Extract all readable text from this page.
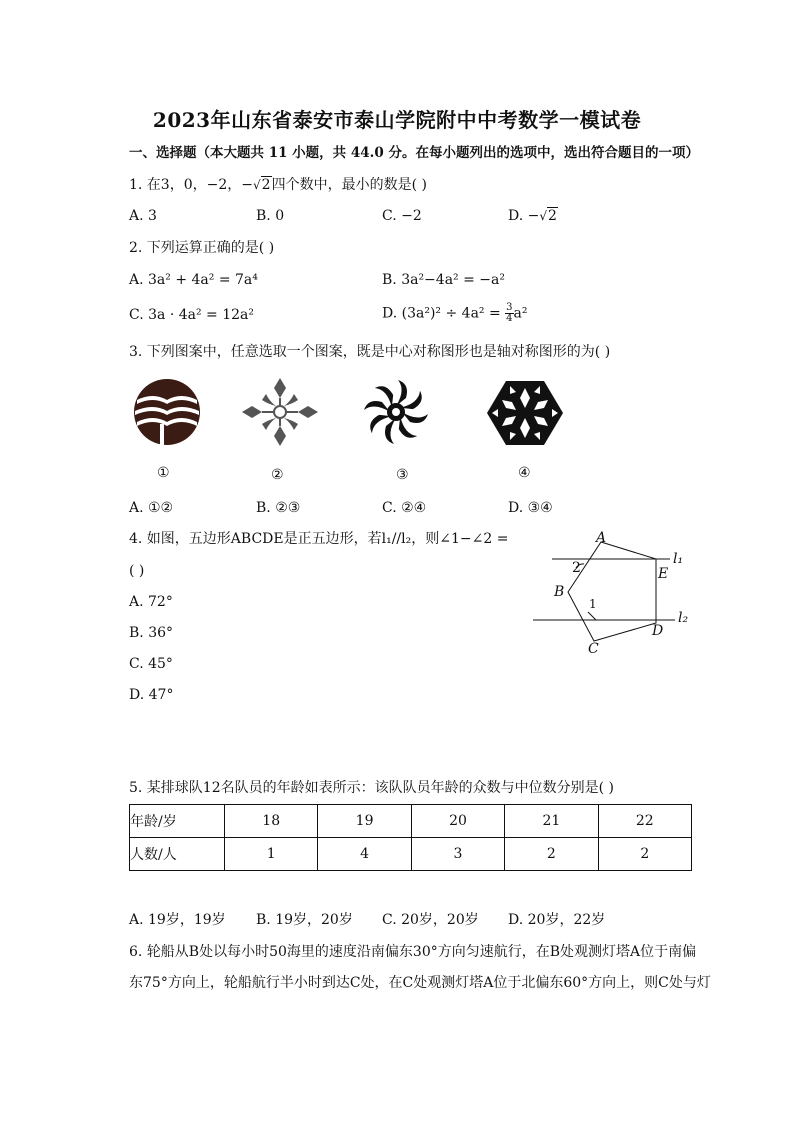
2023年山东省泰安市泰山学院附中中考数学一模试卷
一、选择题（本大题共 11 小题，共 44.0 分。在每小题列出的选项中，选出符合题目的一项）
1. 在3，0，−2，−√2四个数中，最小的数是( )
A. 3	B. 0	C. −2	D. −√2
2. 下列运算正确的是( )
A. 3a² + 4a² = 7a⁴	B. 3a²−4a² = −a²
C. 3a · 4a² = 12a²	D. $(3a^2)^2 \div 4a^2 = \frac{3}{4} a^2$
3. 下列图案中，任意选取一个图案，既是中心对称图形也是轴对称图形的为( )
①	②	③	④
A. ①②	B. ②③	C. ②④	D. ③④
4. 如图，五边形ABCDE是正五边形，若l₁//l₂，则∠1−∠2 =
( )
A. 72°
B. 36°
C. 45°
D. 47°
A
E
B
D
C
l₁
l₂
2
1
5. 某排球队12名队员的年龄如表所示：该队队员年龄的众数与中位数分别是( )
年龄/岁	18	19	20	21	22
人数/人	1	4	3	2	2
A. 19岁，19岁 B. 19岁，20岁 C. 20岁，20岁 D. 20岁，22岁
6. 轮船从B处以每小时50海里的速度沿南偏东30°方向匀速航行，在B处观测灯塔A位于南偏
东75°方向上，轮船航行半小时到达C处，在C处观测灯塔A位于北偏东60°方向上，则C处与灯
